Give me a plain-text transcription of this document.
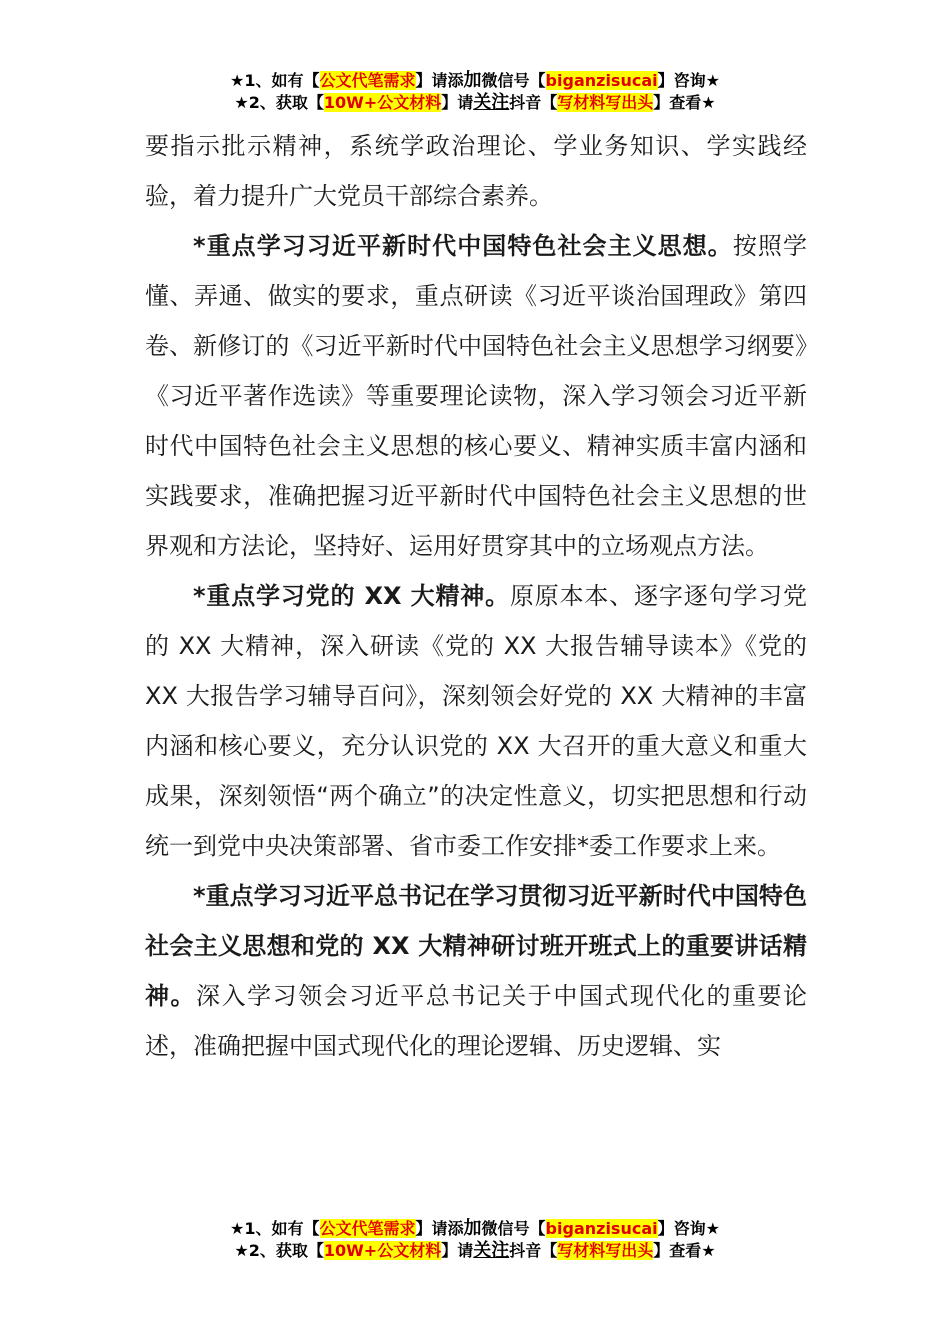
★1、如有【公文代笔需求】请添加微信号【biganzisucai】咨询★
★2、获取【10W+公文材料】请关注抖音【写材料写出头】查看★

要指示批示精神，系统学政治理论、学业务知识、学实践经验，着力提升广大党员干部综合素养。

*重点学习习近平新时代中国特色社会主义思想。按照学懂、弄通、做实的要求，重点研读《习近平谈治国理政》第四卷、新修订的《习近平新时代中国特色社会主义思想学习纲要》《习近平著作选读》等重要理论读物，深入学习领会习近平新时代中国特色社会主义思想的核心要义、精神实质丰富内涵和实践要求，准确把握习近平新时代中国特色社会主义思想的世界观和方法论，坚持好、运用好贯穿其中的立场观点方法。

*重点学习党的 XX 大精神。原原本本、逐字逐句学习党的 XX 大精神，深入研读《党的 XX 大报告辅导读本》《党的 XX 大报告学习辅导百问》，深刻领会好党的 XX 大精神的丰富内涵和核心要义，充分认识党的 XX 大召开的重大意义和重大成果，深刻领悟“两个确立”的决定性意义，切实把思想和行动统一到党中央决策部署、省市委工作安排*委工作要求上来。

*重点学习习近平总书记在学习贯彻习近平新时代中国特色社会主义思想和党的 XX 大精神研讨班开班式上的重要讲话精神。深入学习领会习近平总书记关于中国式现代化的重要论述，准确把握中国式现代化的理论逻辑、历史逻辑、实

★1、如有【公文代笔需求】请添加微信号【biganzisucai】咨询★
★2、获取【10W+公文材料】请关注抖音【写材料写出头】查看★
